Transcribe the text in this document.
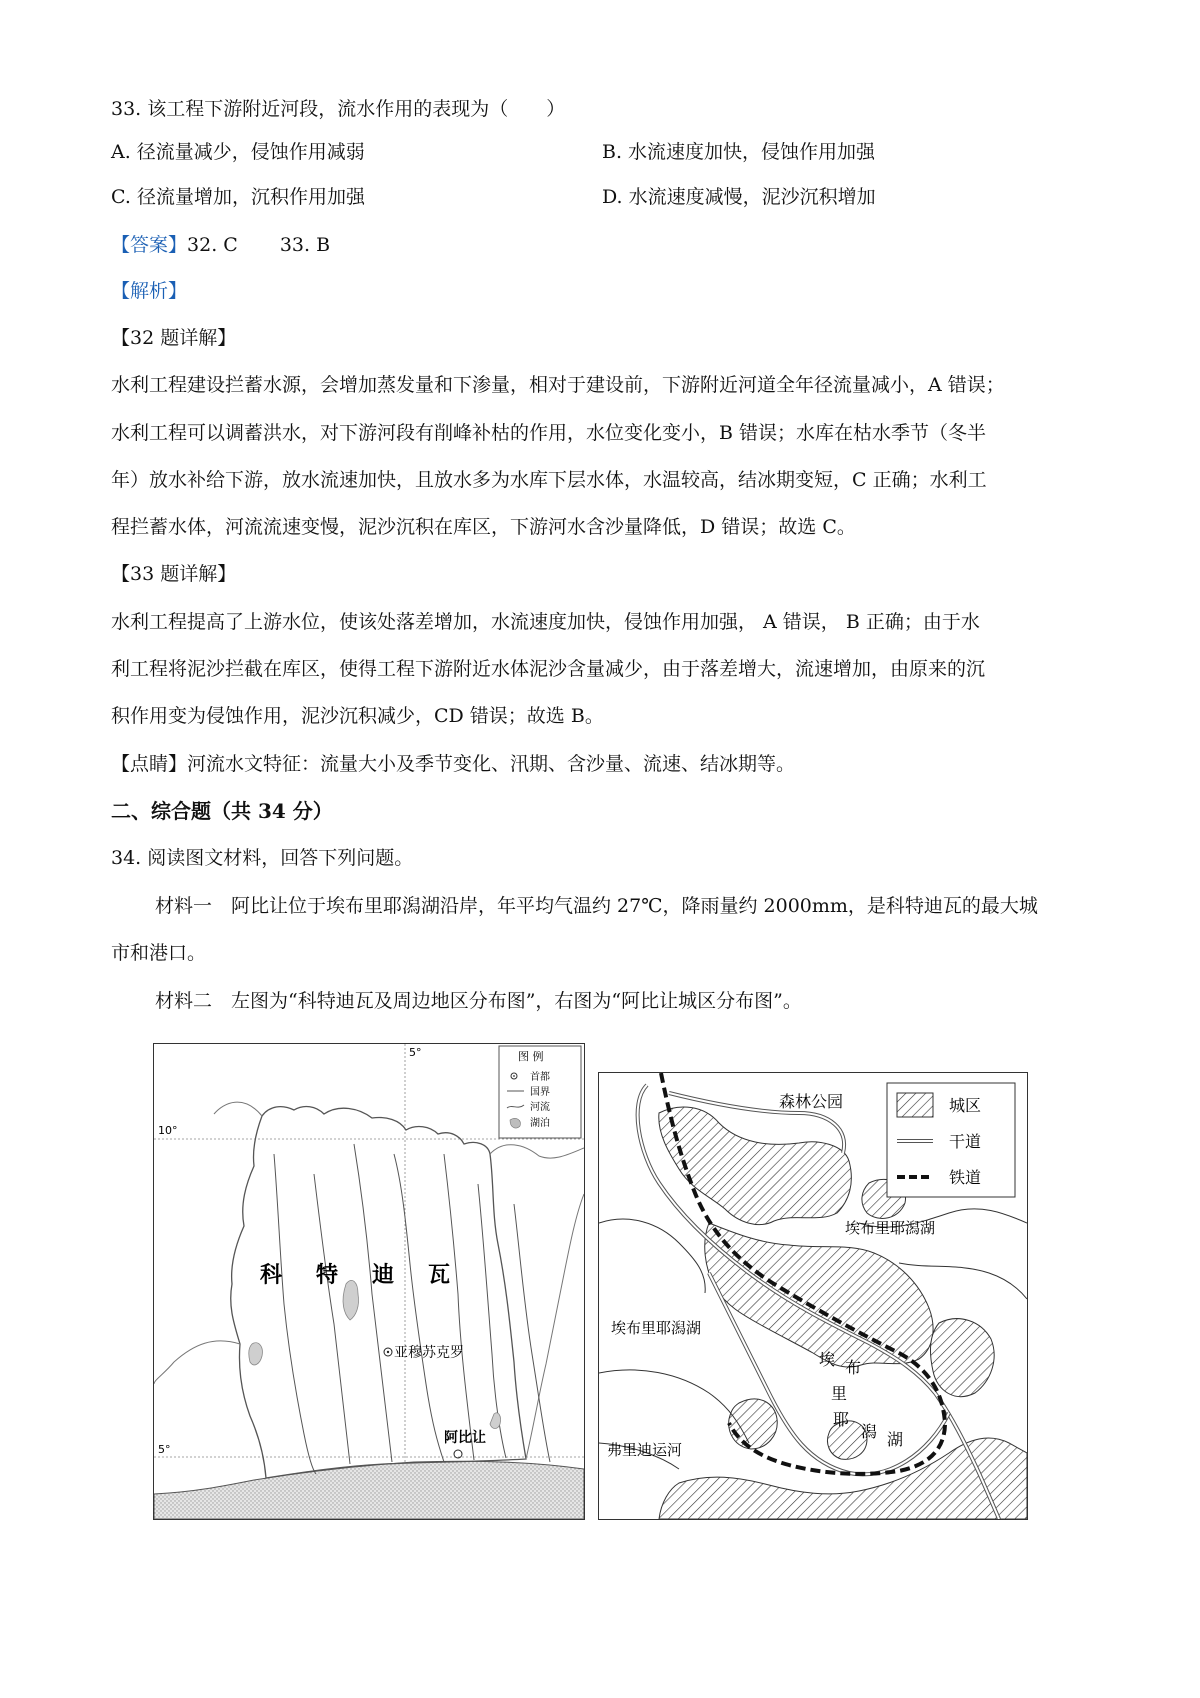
33. 该工程下游附近河段，流水作用的表现为（　　）
A. 径流量减少，侵蚀作用减弱	B. 水流速度加快，侵蚀作用加强
C. 径流量增加，沉积作用加强	D. 水流速度减慢，泥沙沉积增加
【答案】32. C 33. B
【解析】
【32 题详解】
水利工程建设拦蓄水源，会增加蒸发量和下渗量，相对于建设前，下游附近河道全年径流量减小，A 错误；
水利工程可以调蓄洪水，对下游河段有削峰补枯的作用，水位变化变小，B 错误；水库在枯水季节（冬半
年）放水补给下游，放水流速加快，且放水多为水库下层水体，水温较高，结冰期变短，C 正确；水利工
程拦蓄水体，河流流速变慢，泥沙沉积在库区，下游河水含沙量降低，D 错误；故选 C。
【33 题详解】
水利工程提高了上游水位，使该处落差增加，水流速度加快，侵蚀作用加强， A 错误， B 正确；由于水
利工程将泥沙拦截在库区，使得工程下游附近水体泥沙含量减少，由于落差增大，流速增加，由原来的沉
积作用变为侵蚀作用，泥沙沉积减少，CD 错误；故选 B。
【点睛】河流水文特征：流量大小及季节变化、汛期、含沙量、流速、结冰期等。
二、综合题（共 34 分）
34. 阅读图文材料，回答下列问题。
材料一　阿比让位于埃布里耶潟湖沿岸，年平均气温约 27℃，降雨量约 2000mm，是科特迪瓦的最大城
市和港口。
材料二　左图为“科特迪瓦及周边地区分布图”，右图为“阿比让城区分布图”。
5°
10°
5°
图 例
首都
国界
河流
湖泊
科 特 迪 瓦
亚穆苏克罗
阿比让
城区
干道
铁道
森林公园
埃布里耶潟湖
埃布里耶潟湖
埃 布
里
耶
潟 湖
弗里迪运河
